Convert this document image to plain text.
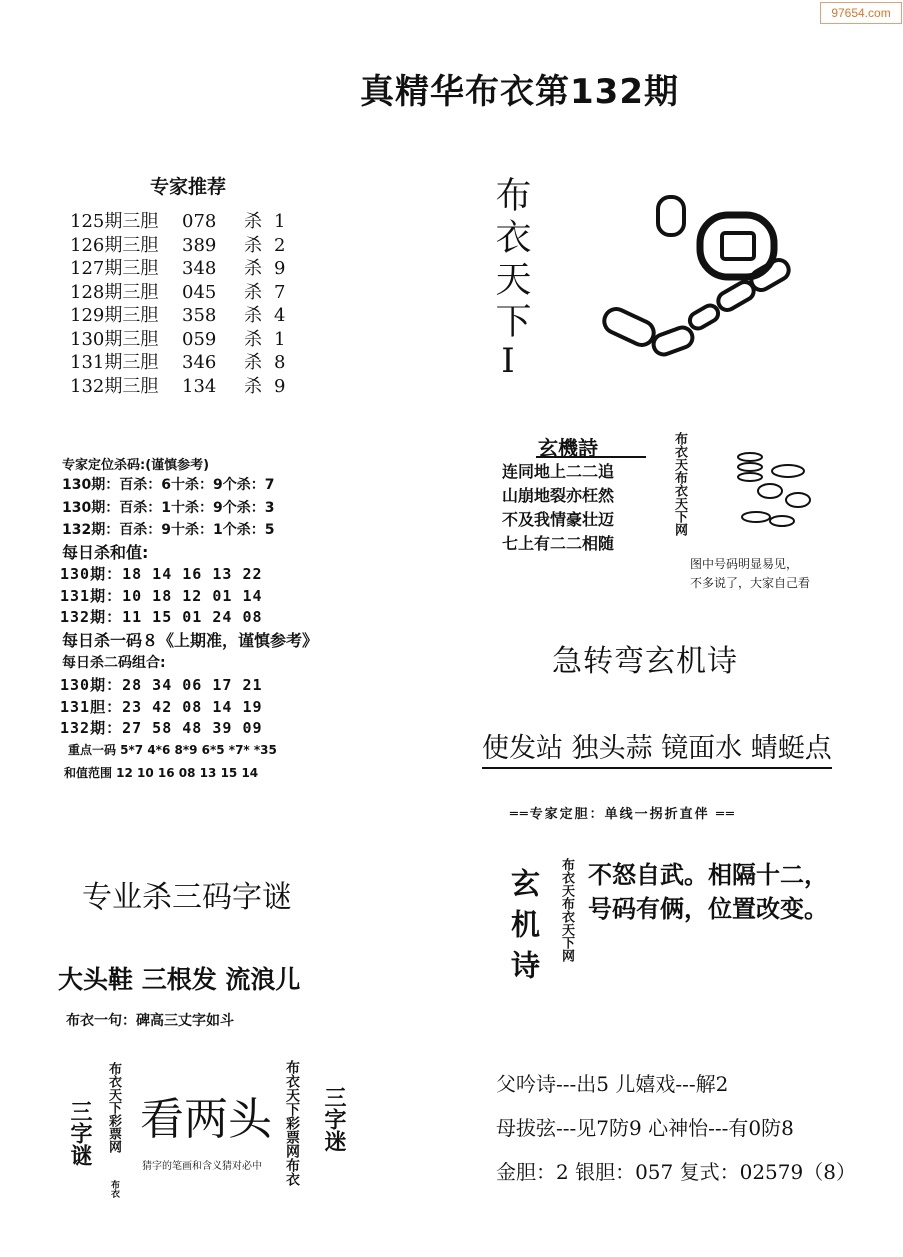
97654.com
真精华布衣第132期
专家推荐
125期三胆 078 杀 1
126期三胆 389 杀 2
127期三胆 348 杀 9
128期三胆 045 杀 7
129期三胆 358 杀 4
130期三胆 059 杀 1
131期三胆 346 杀 8
132期三胆 134 杀 9
专家定位杀码:(谨慎参考)
130期：百杀：6十杀：9个杀：7
130期：百杀：1十杀：9个杀：3
132期：百杀：9十杀：1个杀：5
每日杀和值:
130期：18 14 16 13 22
131期：10 18 12 01 14
132期：11 15 01 24 08
每日杀一码８《上期准，谨慎参考》
每日杀二码组合:
130期：28 34 06 17 21
131胆：23 42 08 14 19
132期：27 58 48 39 09
重点一码 5*7 4*6 8*9 6*5 *7* *35
和值范围 12 10 16 08 13 15 14
专业杀三码字谜
大头鞋 三根发 流浪儿
布衣一句：碑高三丈字如斗
三字谜 布衣天下彩票网
布衣
看两头
猜字的笔画和含义猜对必中	布衣天下彩票网布衣 三字迷
布衣天下
I
玄機詩
连同地上二二追
山崩地裂亦枉然
不及我情豪壮迈
七上有二二相随
布衣天布衣天下网
图中号码明显易见，
不多说了，大家自己看
急转弯玄机诗
使发站 独头蒜 镜面水 蜻蜓点
══专家定胆：单线一拐折直伴 ══
玄机诗	布衣天布衣天下网 不怒自武。相隔十二，
号码有俩，位置改变。
父吟诗---出5 儿嬉戏---解2
母拔弦---见7防9 心神怡---有0防8
金胆：2 银胆：057 复式：02579（8）
